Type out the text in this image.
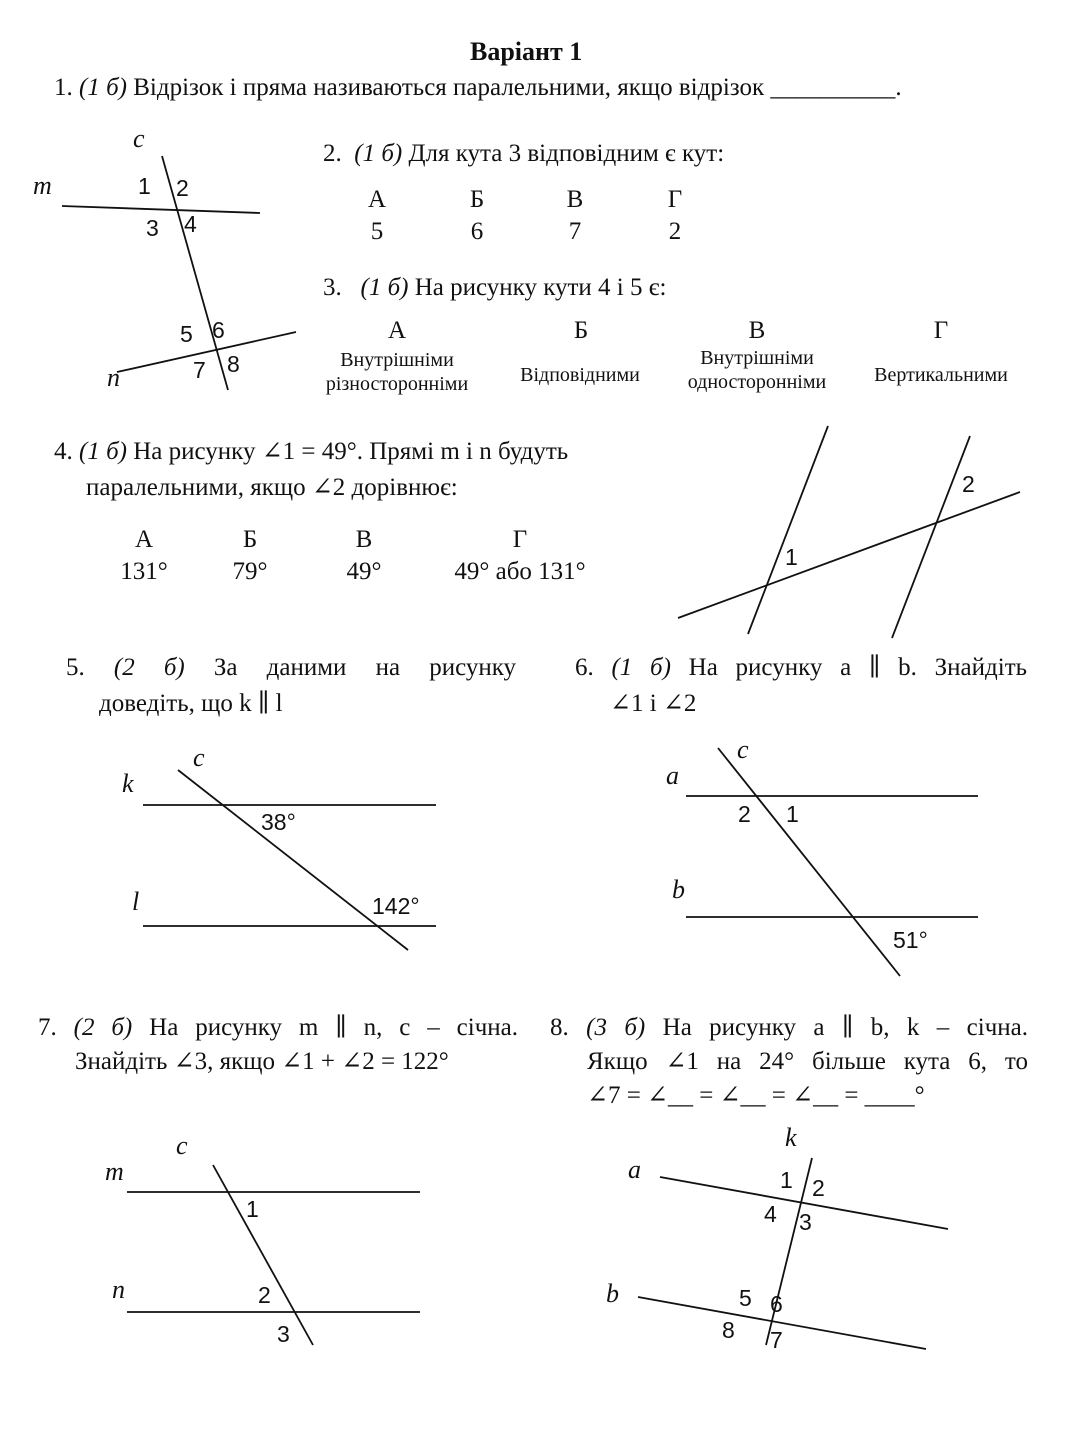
Варіант 1
1. (1 б) Відрізок і пряма називаються паралельними, якщо відрізок __________.
2. (1 б) Для кута 3 відповідним є кут:
А
5
Б
6
В
7
Г
2
3. (1 б) На рисунку кути 4 і 5 є:
А
Внутрішніми
різносторонніми
Б
Відповідними
В
Внутрішніми
односторонніми
Г
Вертикальними
4. (1 б) На рисунку ∠1 = 49°. Прямі m і n будуть
паралельними, якщо ∠2 дорівнює:
А
131°
Б
79°
В
49°
Г
49° або 131°
5. (2 б) За даними на рисунку
доведіть, що k ∥ l
6. (1 б) На рисунку a ∥ b. Знайдіть
∠1 і ∠2
7. (2 б) На рисунку m ∥ n, c – січна.
Знайдіть ∠3, якщо ∠1 + ∠2 = 122°
8. (3 б) На рисунку a ∥ b, k – січна.
Якщо ∠1 на 24° більше кута 6, то
∠7 = ∠__ = ∠__ = ∠__ = ____°
c
m
n
1 2
3 4
5 6
7 8
1
2
c
k
l
38°
142°
c
a
b
2 1
51°
c
m
n
1
2
3
k
a
b
1 2
3
4
5 6
7
8
